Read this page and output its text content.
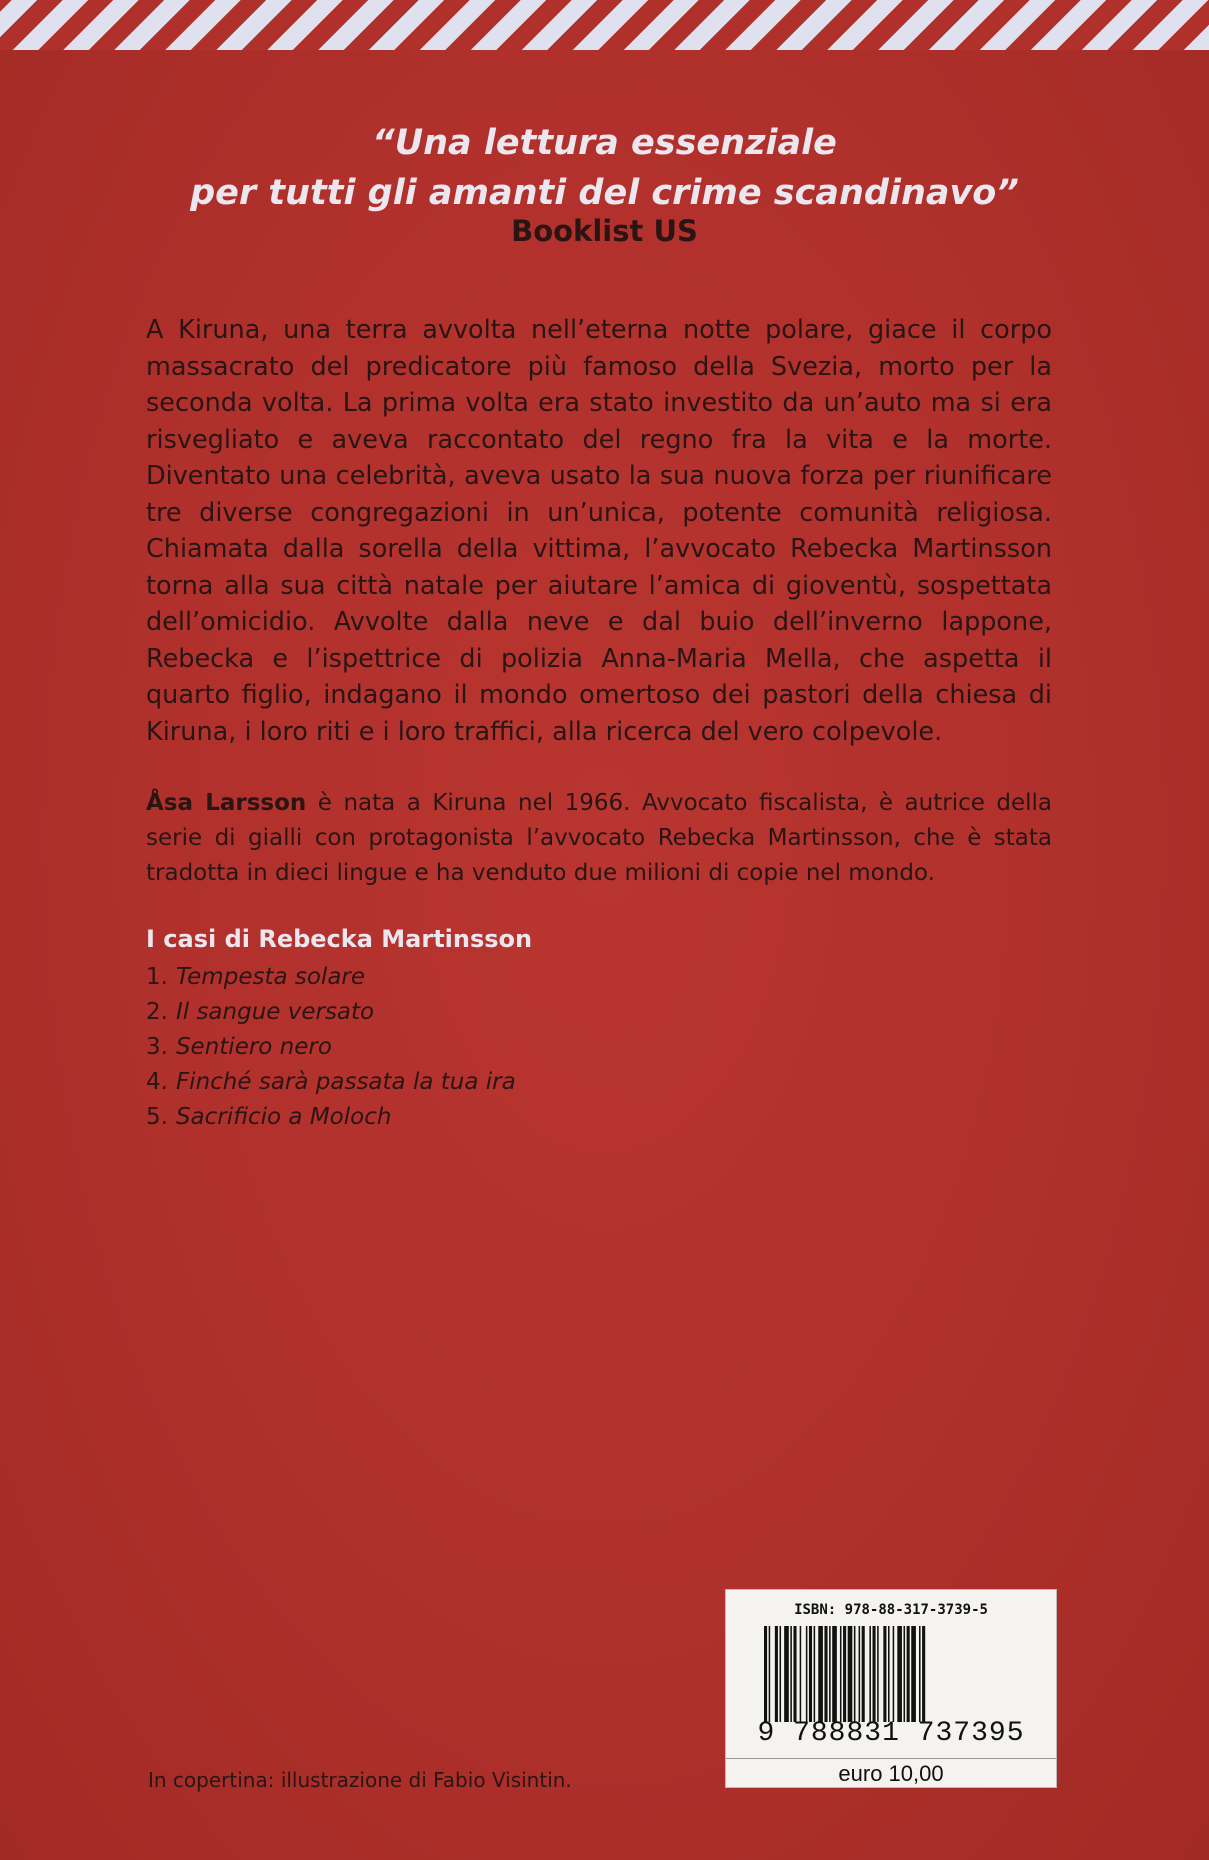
“Una lettura essenziale
per tutti gli amanti del crime scandinavo”
Booklist US

A Kiruna, una terra avvolta nell’eterna notte polare, giace il corpo massacrato del predicatore più famoso della Svezia, morto per la seconda volta. La prima volta era stato investito da un’auto ma si era risvegliato e aveva raccontato del regno fra la vita e la morte. Diventato una celebrità, aveva usato la sua nuova forza per riunificare tre diverse congregazioni in un’unica, potente comunità religiosa. Chiamata dalla sorella della vittima, l’avvocato Rebecka Martinsson torna alla sua città natale per aiutare l’amica di gioventù, sospettata dell’omicidio. Avvolte dalla neve e dal buio dell’inverno lappone, Rebecka e l’ispettrice di polizia Anna-Maria Mella, che aspetta il quarto figlio, indagano il mondo omertoso dei pastori della chiesa di Kiruna, i loro riti e i loro traffici, alla ricerca del vero colpevole.

Åsa Larsson è nata a Kiruna nel 1966. Avvocato fiscalista, è autrice della serie di gialli con protagonista l’avvocato Rebecka Martinsson, che è stata tradotta in dieci lingue e ha venduto due milioni di copie nel mondo.

I casi di Rebecka Martinsson
1. Tempesta solare
2. Il sangue versato
3. Sentiero nero
4. Finché sarà passata la tua ira
5. Sacrificio a Moloch
In copertina: illustrazione di Fabio Visintin.
ISBN: 978-88-317-3739-5
9 788831 737395
euro 10,00
